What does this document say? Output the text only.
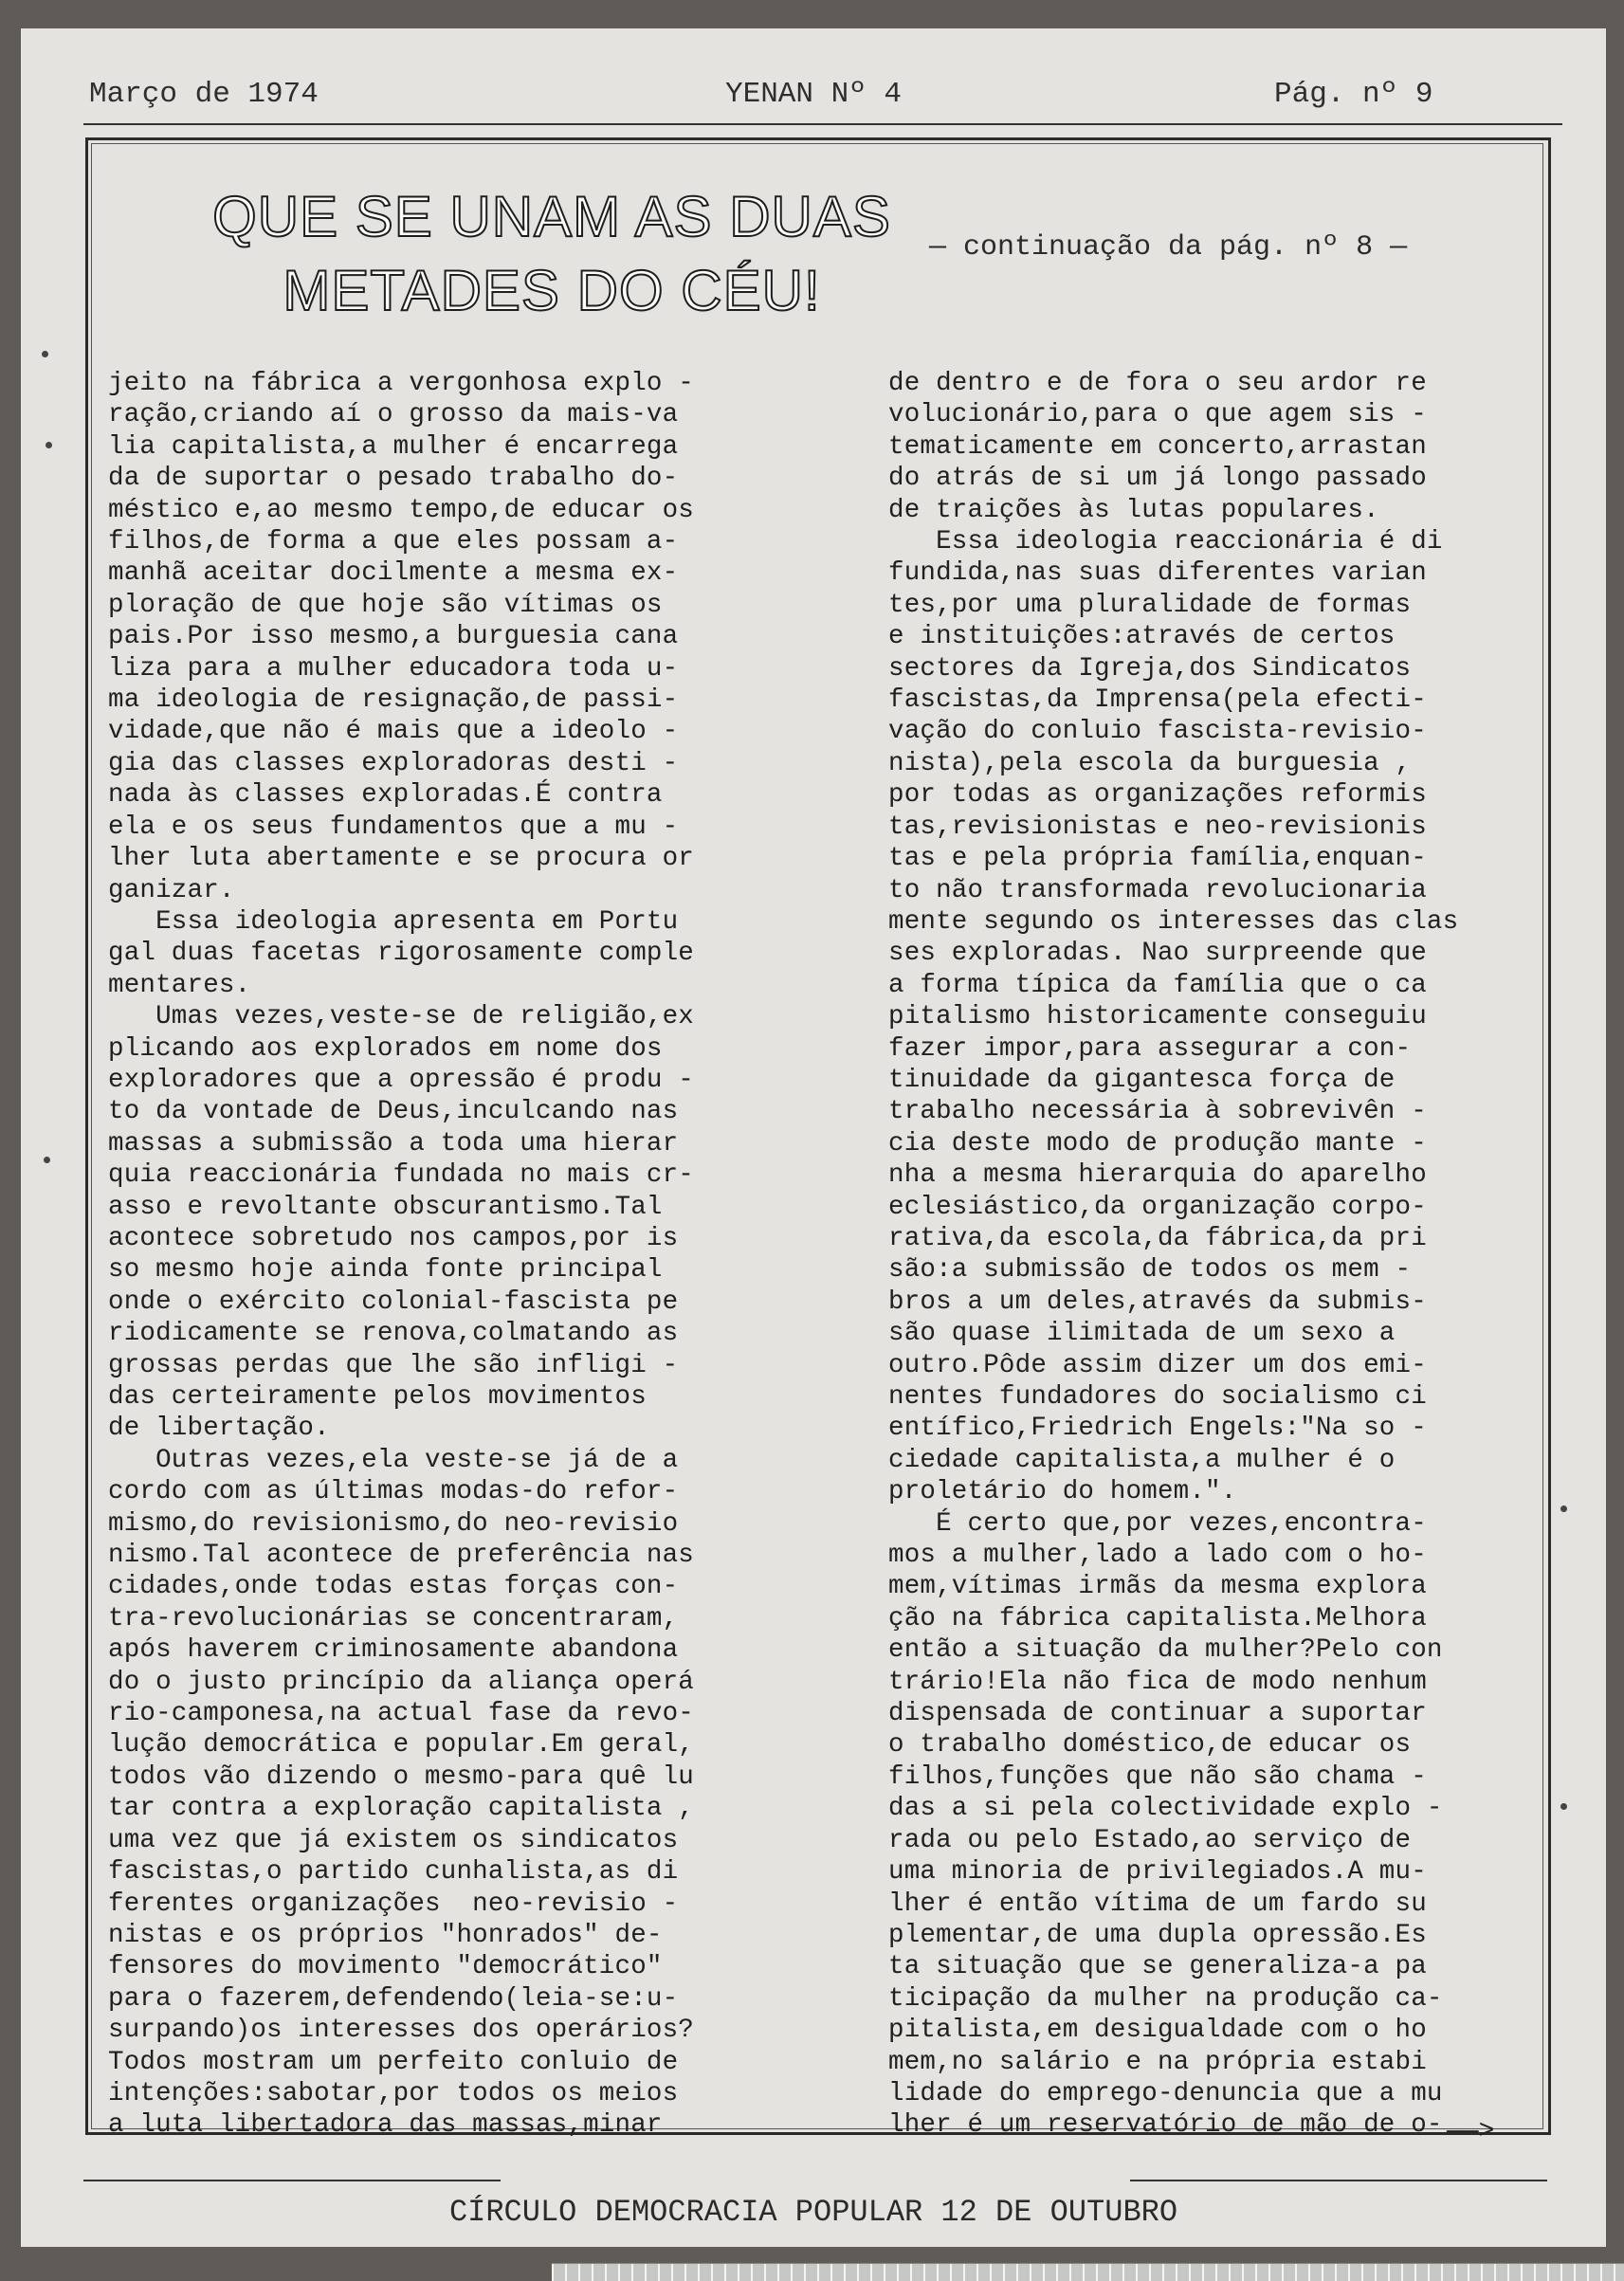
Março de 1974	YENAN Nº 4	Pág. nº 9
QUE SE UNAM AS DUAS
METADES DO CÉU!
— continuação da pág. nº 8 —

jeito na fábrica a vergonhosa explo -

ração,criando aí o grosso da mais-va

lia capitalista,a mulher é encarrega

da de suportar o pesado trabalho do-

méstico e,ao mesmo tempo,de educar os

filhos,de forma a que eles possam a-

manhã aceitar docilmente a mesma ex-

ploração de que hoje são vítimas os

pais.Por isso mesmo,a burguesia cana

liza para a mulher educadora toda u-

ma ideologia de resignação,de passi-

vidade,que não é mais que a ideolo -

gia das classes exploradoras desti -

nada às classes exploradas.É contra

ela e os seus fundamentos que a mu -

lher luta abertamente e se procura or

ganizar.

Essa ideologia apresenta em Portu

gal duas facetas rigorosamente comple

mentares.

Umas vezes,veste-se de religião,ex

plicando aos explorados em nome dos

exploradores que a opressão é produ -

to da vontade de Deus,inculcando nas

massas a submissão a toda uma hierar

quia reaccionária fundada no mais cr-

asso e revoltante obscurantismo.Tal

acontece sobretudo nos campos,por is

so mesmo hoje ainda fonte principal

onde o exército colonial-fascista pe

riodicamente se renova,colmatando as

grossas perdas que lhe são infligi -

das certeiramente pelos movimentos

de libertação.

Outras vezes,ela veste-se já de a

cordo com as últimas modas-do refor-

mismo,do revisionismo,do neo-revisio

nismo.Tal acontece de preferência nas

cidades,onde todas estas forças con-

tra-revolucionárias se concentraram,

após haverem criminosamente abandona

do o justo princípio da aliança operá

rio-camponesa,na actual fase da revo-

lução democrática e popular.Em geral,

todos vão dizendo o mesmo-para quê lu

tar contra a exploração capitalista ,

uma vez que já existem os sindicatos

fascistas,o partido cunhalista,as di

ferentes organizações  neo-revisio -

nistas e os próprios "honrados" de-

fensores do movimento "democrático"

para o fazerem,defendendo(leia-se:u-

surpando)os interesses dos operários?

Todos mostram um perfeito conluio de

intenções:sabotar,por todos os meios

a luta libertadora das massas,minar

de dentro e de fora o seu ardor re

volucionário,para o que agem sis -

tematicamente em concerto,arrastan

do atrás de si um já longo passado

de traições às lutas populares.

Essa ideologia reaccionária é di

fundida,nas suas diferentes varian

tes,por uma pluralidade de formas

e instituições:através de certos

sectores da Igreja,dos Sindicatos

fascistas,da Imprensa(pela efecti-

vação do conluio fascista-revisio-

nista),pela escola da burguesia ,

por todas as organizações reformis

tas,revisionistas e neo-revisionis

tas e pela própria família,enquan-

to não transformada revolucionaria

mente segundo os interesses das clas

ses exploradas. Nao surpreende que

a forma típica da família que o ca

pitalismo historicamente conseguiu

fazer impor,para assegurar a con-

tinuidade da gigantesca força de

trabalho necessária à sobrevivên -

cia deste modo de produção mante -

nha a mesma hierarquia do aparelho

eclesiástico,da organização corpo-

rativa,da escola,da fábrica,da pri

são:a submissão de todos os mem -

bros a um deles,através da submis-

são quase ilimitada de um sexo a

outro.Pôde assim dizer um dos emi-

nentes fundadores do socialismo ci

entífico,Friedrich Engels:"Na so -

ciedade capitalista,a mulher é o

proletário do homem.".

É certo que,por vezes,encontra-

mos a mulher,lado a lado com o ho-

mem,vítimas irmãs da mesma explora

ção na fábrica capitalista.Melhora

então a situação da mulher?Pelo con

trário!Ela não fica de modo nenhum

dispensada de continuar a suportar

o trabalho doméstico,de educar os

filhos,funções que não são chama -

das a si pela colectividade explo -

rada ou pelo Estado,ao serviço de

uma minoria de privilegiados.A mu-

lher é então vítima de um fardo su

plementar,de uma dupla opressão.Es

ta situação que se generaliza-a pa

ticipação da mulher na produção ca-

pitalista,em desigualdade com o ho

mem,no salário e na própria estabi

lidade do emprego-denuncia que a mu

lher é um reservatório de mão de o- ——>
CÍRCULO DEMOCRACIA POPULAR 12 DE OUTUBRO
